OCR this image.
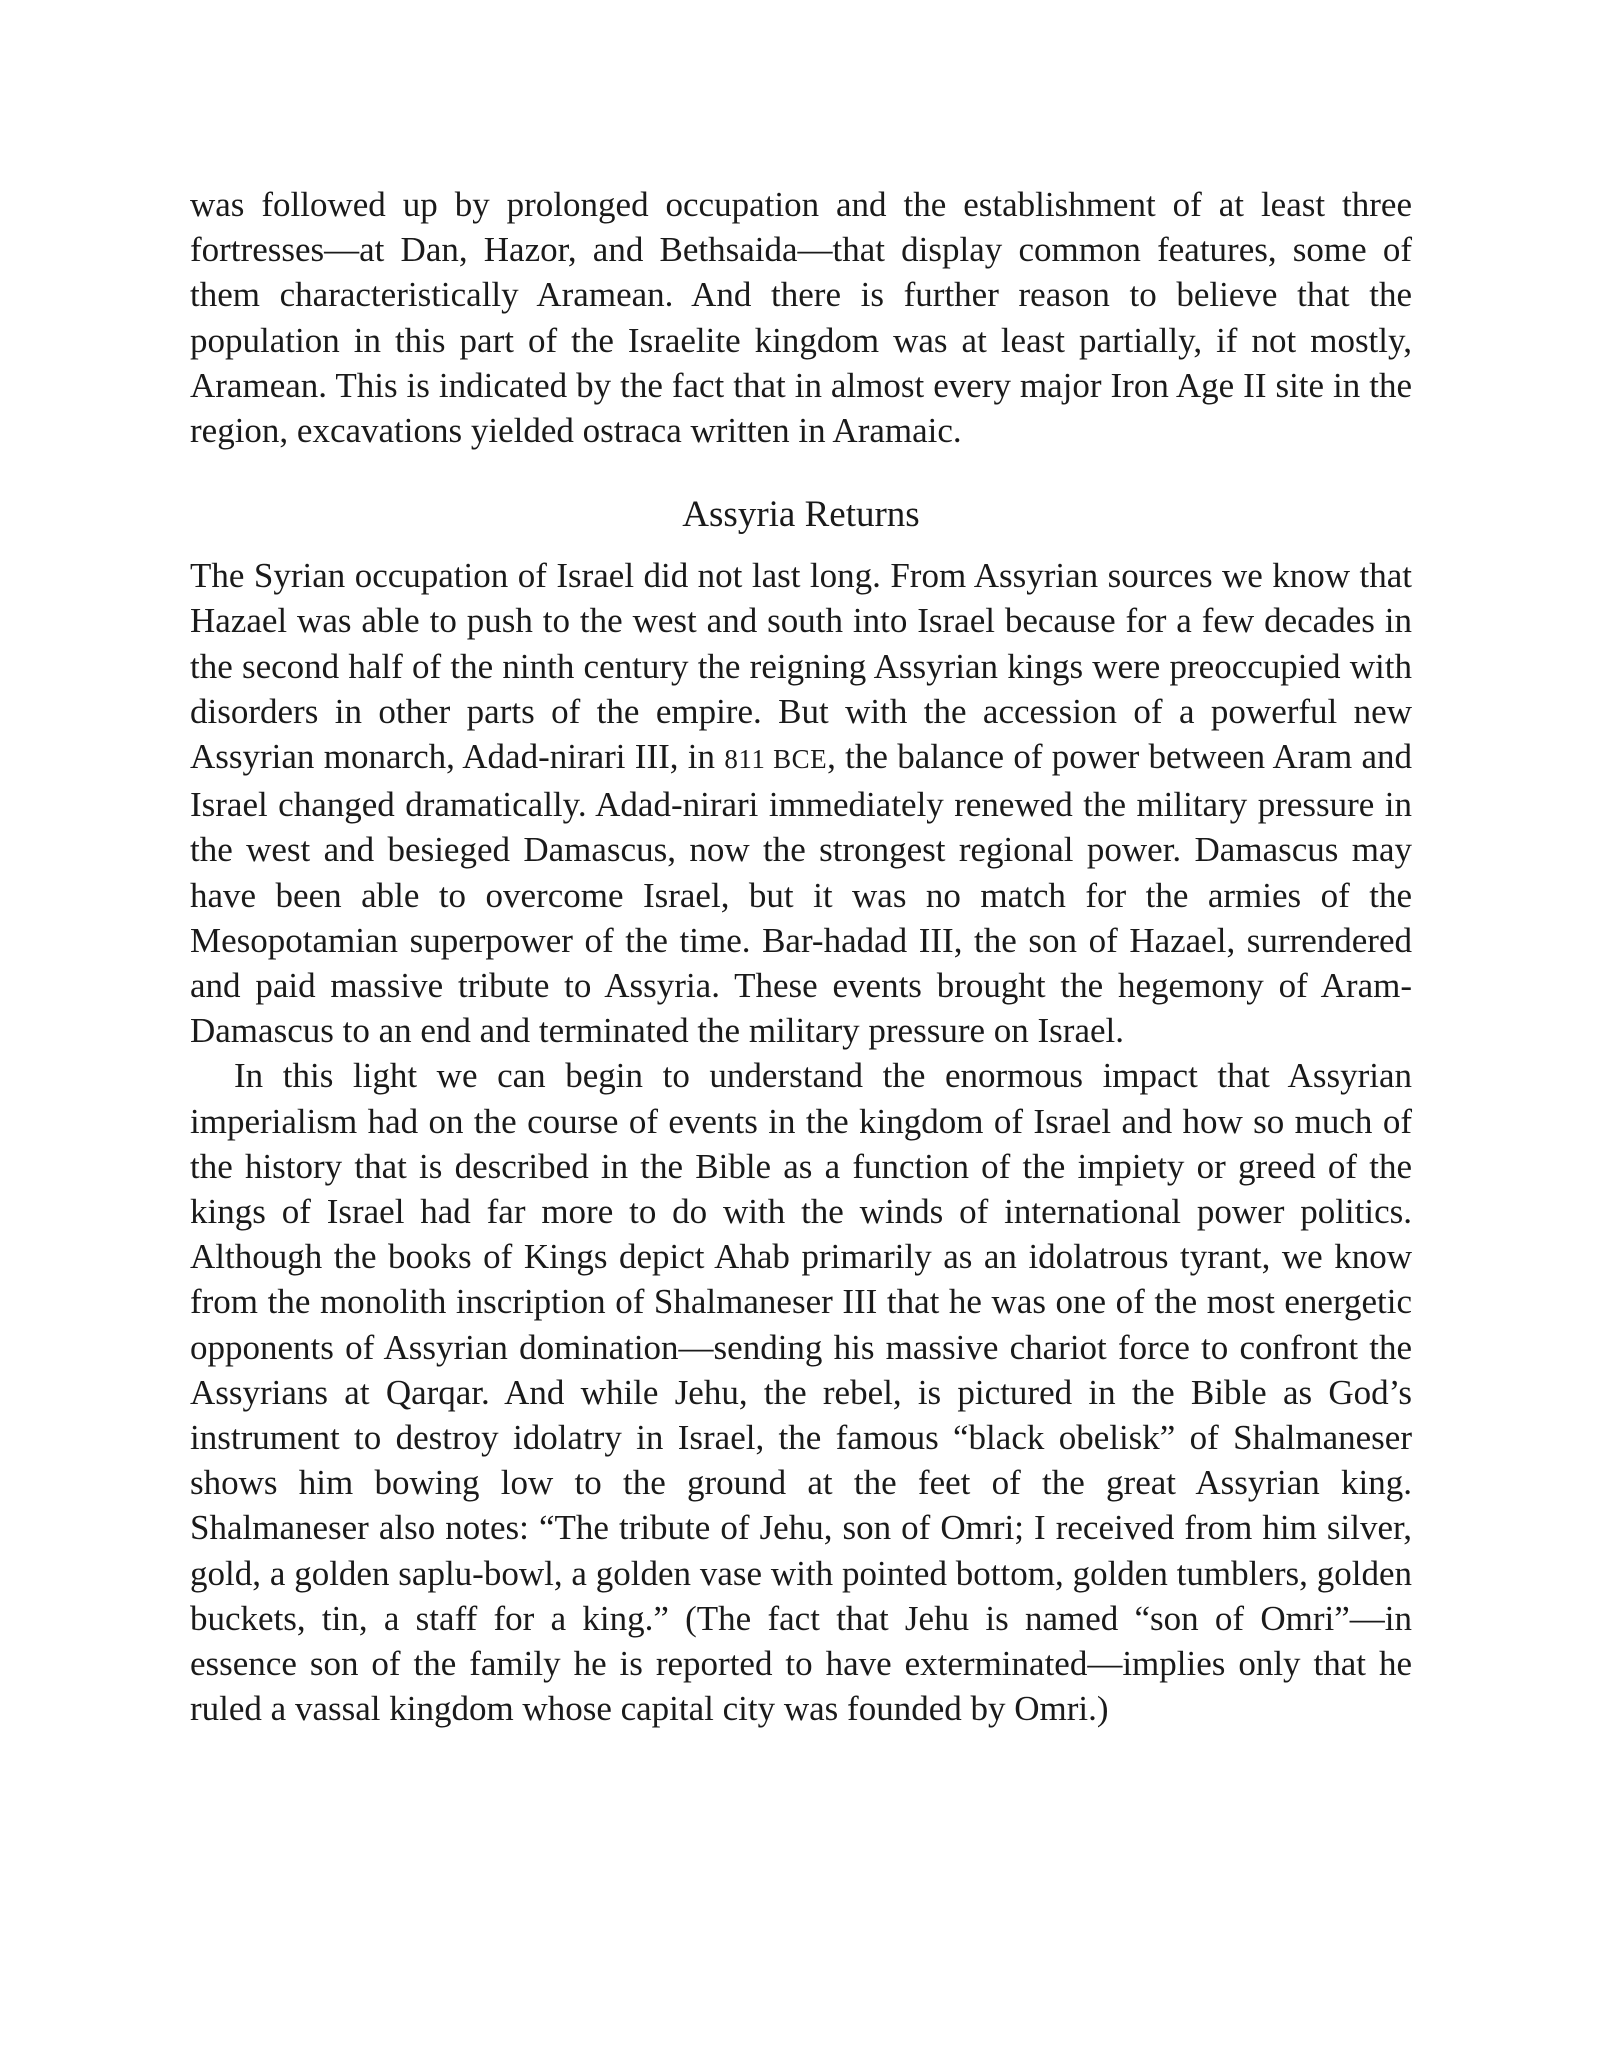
was followed up by prolonged occupation and the establishment of at least three fortresses—at Dan, Hazor, and Bethsaida—that display common features, some of them characteristically Aramean. And there is further reason to believe that the population in this part of the Israelite kingdom was at least partially, if not mostly, Aramean. This is indicated by the fact that in almost every major Iron Age II site in the region, excavations yielded ostraca written in Aramaic.

Assyria Returns

The Syrian occupation of Israel did not last long. From Assyrian sources we know that Hazael was able to push to the west and south into Israel because for a few decades in the second half of the ninth century the reigning Assyrian kings were preoccupied with disorders in other parts of the empire. But with the accession of a powerful new Assyrian monarch, Adad-nirari III, in 811 BCE, the balance of power between Aram and Israel changed dramatically. Adad-nirari immediately renewed the military pressure in the west and besieged Damascus, now the strongest regional power. Damascus may have been able to overcome Israel, but it was no match for the armies of the Mesopotamian superpower of the time. Bar-hadad III, the son of Hazael, surrendered and paid massive tribute to Assyria. These events brought the hegemony of Aram-Damascus to an end and terminated the military pressure on Israel.

In this light we can begin to understand the enormous impact that Assyrian imperialism had on the course of events in the kingdom of Israel and how so much of the history that is described in the Bible as a function of the impiety or greed of the kings of Israel had far more to do with the winds of international power politics. Although the books of Kings depict Ahab primarily as an idolatrous tyrant, we know from the monolith inscription of Shalmaneser III that he was one of the most energetic opponents of Assyrian domination—sending his massive chariot force to confront the Assyrians at Qarqar. And while Jehu, the rebel, is pictured in the Bible as God’s instrument to destroy idolatry in Israel, the famous “black obelisk” of Shalmaneser shows him bowing low to the ground at the feet of the great Assyrian king. Shalmaneser also notes: “The tribute of Jehu, son of Omri; I received from him silver, gold, a golden saplu-bowl, a golden vase with pointed bottom, golden tumblers, golden buckets, tin, a staff for a king.” (The fact that Jehu is named “son of Omri”—in essence son of the family he is reported to have exterminated—implies only that he ruled a vassal kingdom whose capital city was founded by Omri.)
